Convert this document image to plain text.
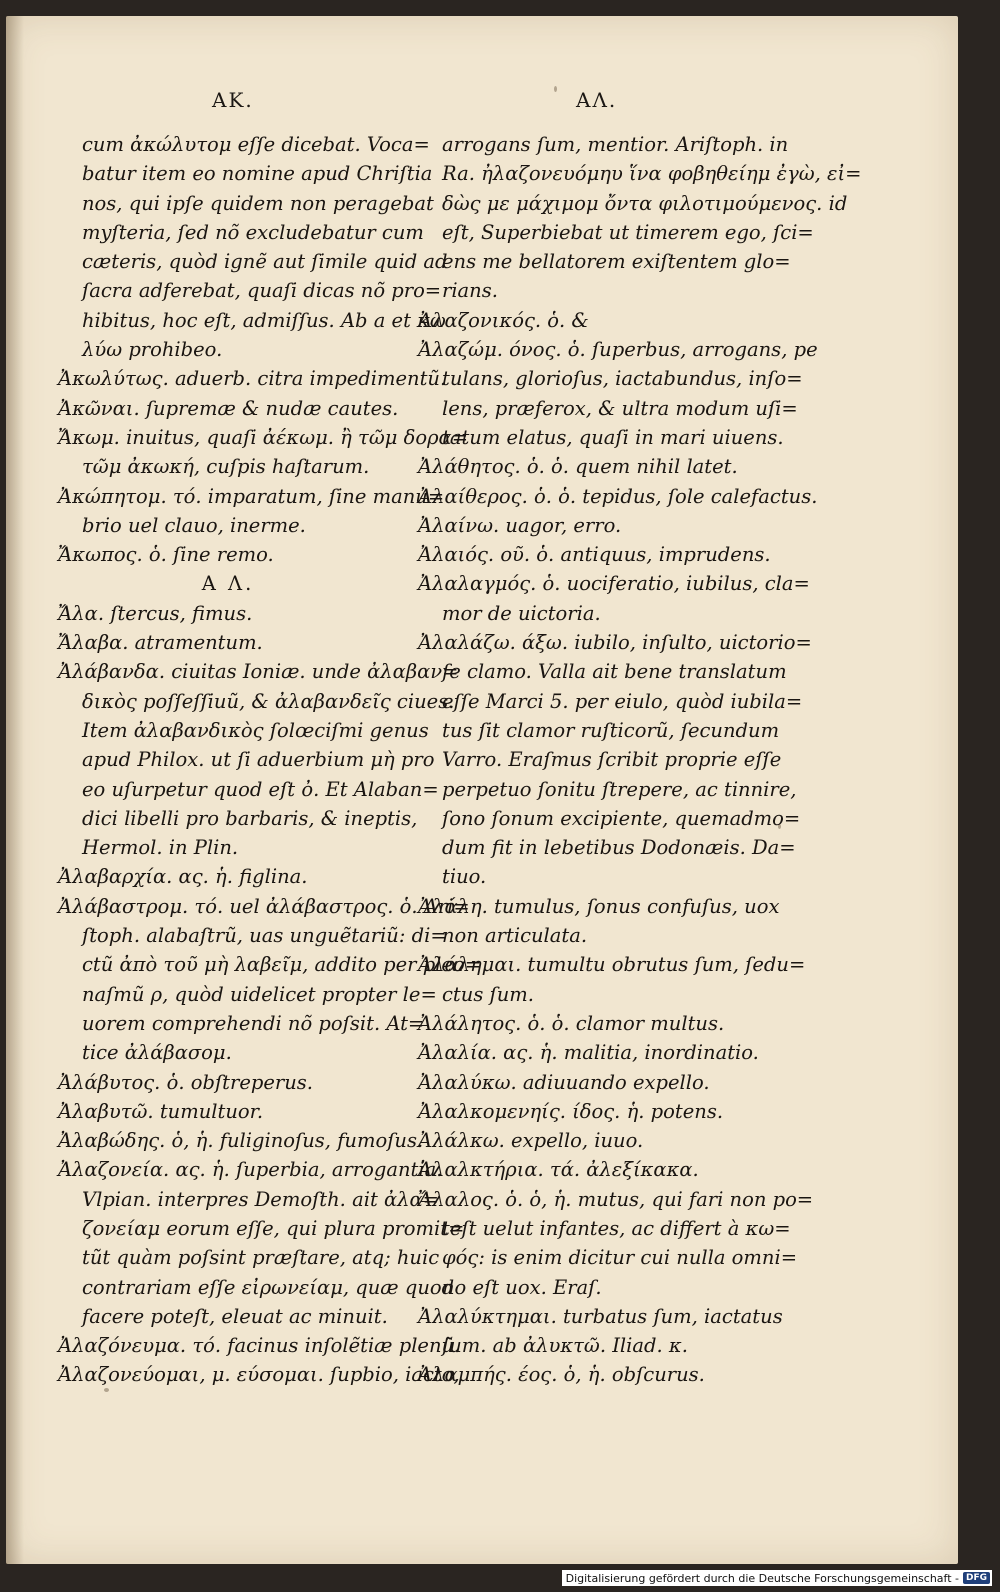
AK.	AΛ.
cum ἀκώλυτομ eſſe dicebat. Voca=
batur item eo nomine apud Chriſtia
nos, qui ipſe quidem non peragebat
myſteria, ſed nõ excludebatur cum
cæteris, quòd ignẽ aut ſimile quid ad
ſacra adferebat, quaſi dicas nõ pro=
hibitus, hoc eſt, admiſſus. Ab a et κω
λύω prohibeo.
Ἀκωλύτως. aduerb. citra impedimentũ.
Ἀκῶναι. ſupremæ & nudæ cautes.
Ἄκωμ. inuitus, quaſi ἀέκωμ. ἢ τῶμ δορα=
τῶμ ἀκωκή, cuſpis haſtarum.
Ἀκώπητομ. τό. imparatum, ſine manu=
brio uel clauo, inerme.
Ἄκωπος. ὁ. ſine remo.
A Λ.
Ἄλα. ſtercus, fimus.
Ἄλαβα. atramentum.
Ἀλάβανδα. ciuitas Ioniæ. unde ἀλαβαν=
δικὸς poſſeſſiuũ, & ἀλαβανδεῖς ciues.
Item ἀλαβανδικὸς ſolœciſmi genus
apud Philox. ut ſi aduerbium μὴ pro
eo uſurpetur quod eſt ὀ. Et Alaban=
dici libelli pro barbaris, & ineptis,
Hermol. in Plin.
Ἀλαβαρχία. ας. ἡ. figlina.
Ἀλάβαστρομ. τό. uel ἀλάβαστρος. ὁ. Ari=
ſtoph. alabaſtrũ, uas unguẽtariũ: di=
ctũ ἀπὸ τοῦ μὴ λαβεῖμ, addito per pleo=
naſmũ ρ, quòd uidelicet propter le=
uorem comprehendi nõ poſsit. At=
tice ἀλάβασομ.
Ἀλάβυτος. ὁ. obſtreperus.
Ἀλαβυτῶ. tumultuor.
Ἀλαβώδης. ὁ, ἡ. fuliginoſus, fumoſus.
Ἀλαζονεία. ας. ἡ. ſuperbia, arrogantia.
Vlpian. interpres Demoſth. ait ἀλα=
ζονείαμ eorum eſſe, qui plura promit=
tũt quàm poſsint præſtare, atq; huic
contrariam eſſe εἰρωνείαμ, quæ quod
facere poteſt, eleuat ac minuit.
Ἀλαζόνευμα. τό. facinus inſolẽtiæ plenũ.
Ἀλαζονεύομαι, μ. εύσομαι. ſupbio, iacto,
arrogans ſum, mentior. Ariſtoph. in
Ra. ἠλαζονευόμηυ ἵνα φοβηθείημ ἐγὼ, εἰ=
δὼς με μάχιμομ ὄντα φιλοτιμούμενος. id
eſt, Superbiebat ut timerem ego, ſci=
ens me bellatorem exiſtentem glo=
rians.
Ἀλαζονικός. ὁ. &
Ἀλαζώμ. όνος. ὁ. ſuperbus, arrogans, pe
tulans, glorioſus, iactabundus, inſo=
lens, præferox, & ultra modum uſi=
tatum elatus, quaſi in mari uiuens.
Ἀλάθητος. ὁ. ὁ. quem nihil latet.
Ἀλαίθερος. ὁ. ὁ. tepidus, ſole calefactus.
Ἀλαίνω. uagor, erro.
Ἀλαιός. οῦ. ὁ. antiquus, imprudens.
Ἀλαλαγμός. ὁ. uociferatio, iubilus, cla=
mor de uictoria.
Ἀλαλάζω. άξω. iubilo, inſulto, uictorio=
ſe clamo. Valla ait bene translatum
eſſe Marci 5. per eiulo, quòd iubila=
tus ſit clamor ruſticorũ, ſecundum
Varro. Eraſmus ſcribit proprie eſſe
perpetuo ſonitu ſtrepere, ac tinnire,
ſono ſonum excipiente, quemadmo=
dum fit in lebetibus Dodonæis. Da=
tiuo.
Ἀλάλη. tumulus, ſonus confuſus, uox
non articulata.
Ἀλάλημαι. tumultu obrutus ſum, ſedu=
ctus ſum.
Ἀλάλητος. ὁ. ὁ. clamor multus.
Ἀλαλία. ας. ἡ. malitia, inordinatio.
Ἀλαλύκω. adiuuando expello.
Ἀλαλκομενηίς. ίδος. ἡ. potens.
Ἀλάλκω. expello, iuuo.
Ἀλαλκτήρια. τά. ἀλεξίκακα.
Ἄλαλος. ὁ. ὁ, ἡ. mutus, qui fari non po=
teſt uelut infantes, ac differt à κω=
φός: is enim dicitur cui nulla omni=
no eſt uox. Eraſ.
Ἀλαλύκτημαι. turbatus ſum, iactatus
ſum. ab ἀλυκτῶ. Iliad. κ.
Ἀλαμπής. έος. ὁ, ἡ. obſcurus.
Digitalisierung gefördert durch die Deutsche Forschungsgemeinschaft - DFG
